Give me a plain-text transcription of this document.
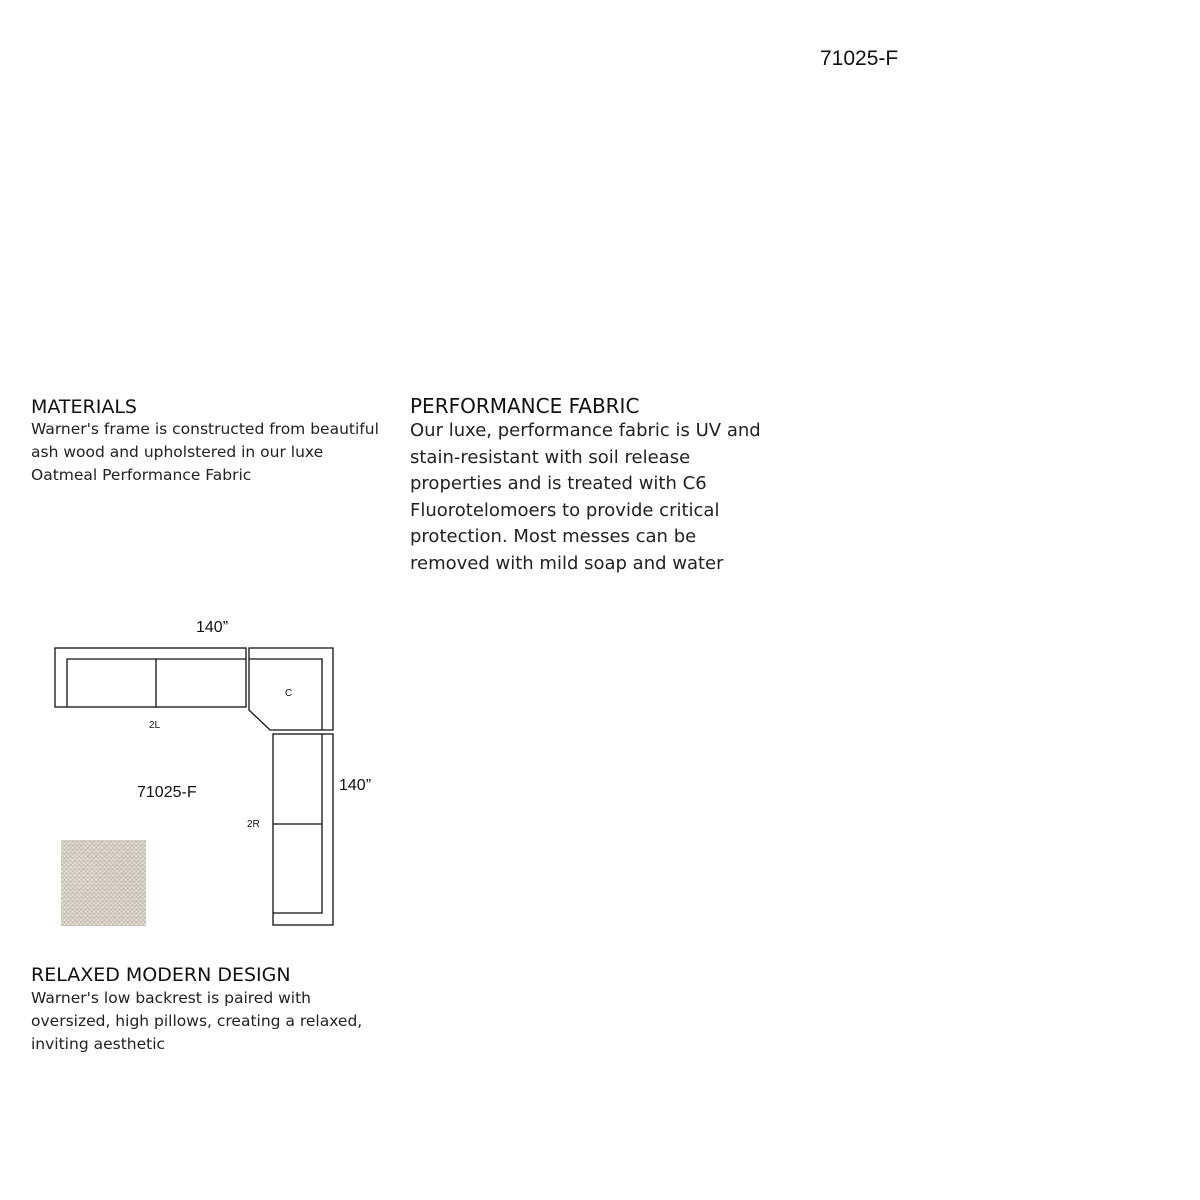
71025-F
MATERIALS
Warner's frame is constructed from beautiful
ash wood and upholstered in our luxe
Oatmeal Performance Fabric
PERFORMANCE FABRIC
Our luxe, performance fabric is UV and
stain-resistant with soil release
properties and is treated with C6
Fluorotelomoers to provide critical
protection. Most messes can be
removed with mild soap and water
140”
140”
2L
C
2R
71025-F
RELAXED MODERN DESIGN
Warner's low backrest is paired with
oversized, high pillows, creating a relaxed,
inviting aesthetic
